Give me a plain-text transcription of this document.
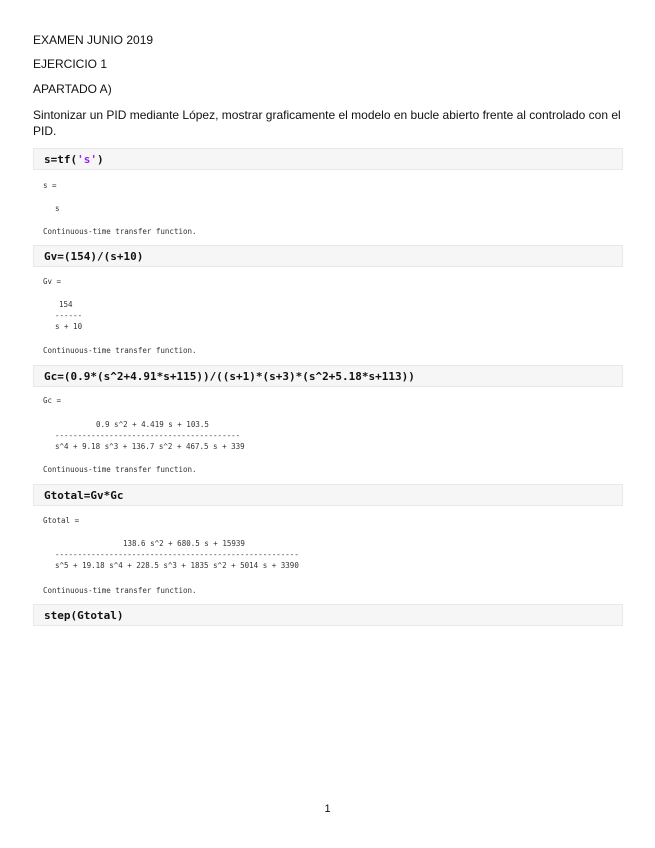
EXAMEN JUNIO 2019
EJERCICIO 1
APARTADO A)
Sintonizar un PID mediante López, mostrar graficamente el modelo en bucle abierto frente al controlado con el PID.
s=tf('s')
s =
s
Continuous-time transfer function.
Gv=(154)/(s+10)
Gv =
154
------
s + 10
Continuous-time transfer function.
Gc=(0.9*(s^2+4.91*s+115))/((s+1)*(s+3)*(s^2+5.18*s+113))
Gc =
0.9 s^2 + 4.419 s + 103.5
-----------------------------------------
s^4 + 9.18 s^3 + 136.7 s^2 + 467.5 s + 339
Continuous-time transfer function.
Gtotal=Gv*Gc
Gtotal =
138.6 s^2 + 680.5 s + 15939
------------------------------------------------------
s^5 + 19.18 s^4 + 228.5 s^3 + 1835 s^2 + 5014 s + 3390
Continuous-time transfer function.
step(Gtotal)
1
